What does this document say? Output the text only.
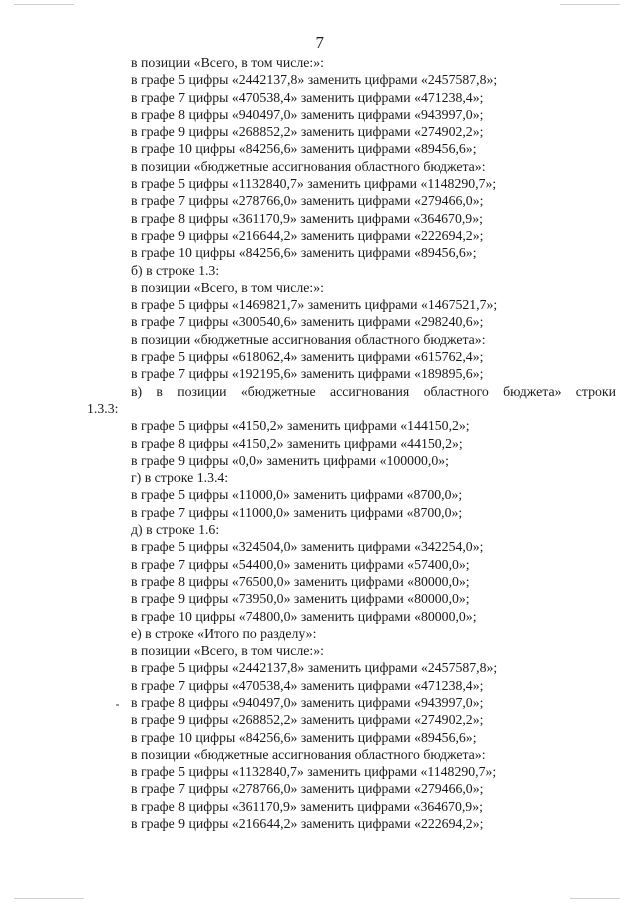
7
в позиции «Всего, в том числе:»:
в графе 5 цифры «2442137,8» заменить цифрами «2457587,8»;
в графе 7 цифры «470538,4» заменить цифрами «471238,4»;
в графе 8 цифры «940497,0» заменить цифрами «943997,0»;
в графе 9 цифры «268852,2» заменить цифрами «274902,2»;
в графе 10 цифры «84256,6» заменить цифрами «89456,6»;
в позиции «бюджетные ассигнования областного бюджета»:
в графе 5 цифры «1132840,7» заменить цифрами «1148290,7»;
в графе 7 цифры «278766,0» заменить цифрами «279466,0»;
в графе 8 цифры «361170,9» заменить цифрами «364670,9»;
в графе 9 цифры «216644,2» заменить цифрами «222694,2»;
в графе 10 цифры «84256,6» заменить цифрами «89456,6»;
б) в строке 1.3:
в позиции «Всего, в том числе:»:
в графе 5 цифры «1469821,7» заменить цифрами «1467521,7»;
в графе 7 цифры «300540,6» заменить цифрами «298240,6»;
в позиции «бюджетные ассигнования областного бюджета»:
в графе 5 цифры «618062,4» заменить цифрами «615762,4»;
в графе 7 цифры «192195,6» заменить цифрами «189895,6»;
в) в позиции «бюджетные ассигнования областного бюджета» строки
1.3.3:
в графе 5 цифры «4150,2» заменить цифрами «144150,2»;
в графе 8 цифры «4150,2» заменить цифрами «44150,2»;
в графе 9 цифры «0,0» заменить цифрами «100000,0»;
г) в строке 1.3.4:
в графе 5 цифры «11000,0» заменить цифрами «8700,0»;
в графе 7 цифры «11000,0» заменить цифрами «8700,0»;
д) в строке 1.6:
в графе 5 цифры «324504,0» заменить цифрами «342254,0»;
в графе 7 цифры «54400,0» заменить цифрами «57400,0»;
в графе 8 цифры «76500,0» заменить цифрами «80000,0»;
в графе 9 цифры «73950,0» заменить цифрами «80000,0»;
в графе 10 цифры «74800,0» заменить цифрами «80000,0»;
е) в строке «Итого по разделу»:
в позиции «Всего, в том числе:»:
в графе 5 цифры «2442137,8» заменить цифрами «2457587,8»;
в графе 7 цифры «470538,4» заменить цифрами «471238,4»;
в графе 8 цифры «940497,0» заменить цифрами «943997,0»;
в графе 9 цифры «268852,2» заменить цифрами «274902,2»;
в графе 10 цифры «84256,6» заменить цифрами «89456,6»;
в позиции «бюджетные ассигнования областного бюджета»:
в графе 5 цифры «1132840,7» заменить цифрами «1148290,7»;
в графе 7 цифры «278766,0» заменить цифрами «279466,0»;
в графе 8 цифры «361170,9» заменить цифрами «364670,9»;
в графе 9 цифры «216644,2» заменить цифрами «222694,2»;
